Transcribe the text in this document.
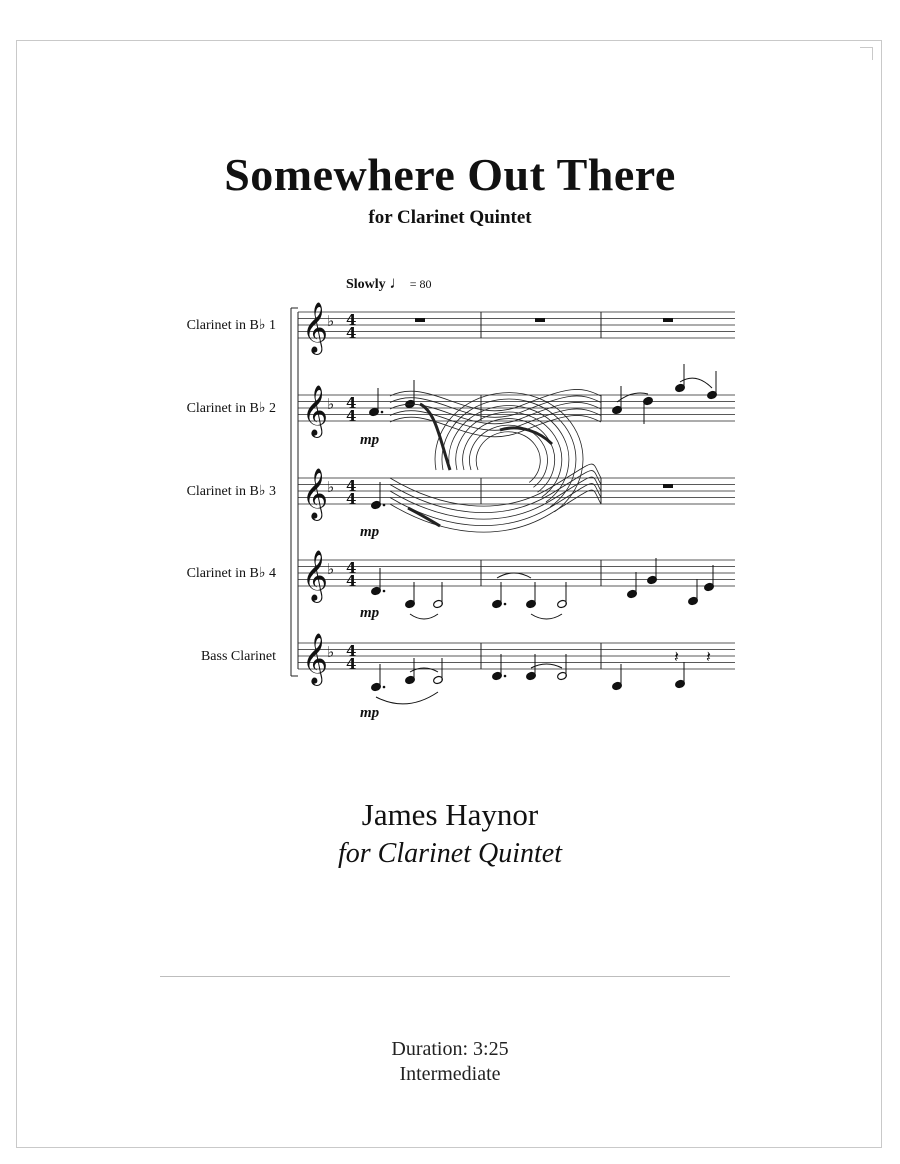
Somewhere Out There
for Clarinet Quintet
Slowly ♩ = 80
Clarinet in B♭ 1
Clarinet in B♭ 2
Clarinet in B♭ 3
Clarinet in B♭ 4
Bass Clarinet
mp
mp
mp
mp
𝄞
♭ 4
4
𝄞
♭ 4
4
𝄞
♭ 4
4
𝄞
♭ 4
4
𝄞
♭ 4
4	𝄽 𝄽
James Haynor
for Clarinet Quintet
Duration: 3:25
Intermediate
